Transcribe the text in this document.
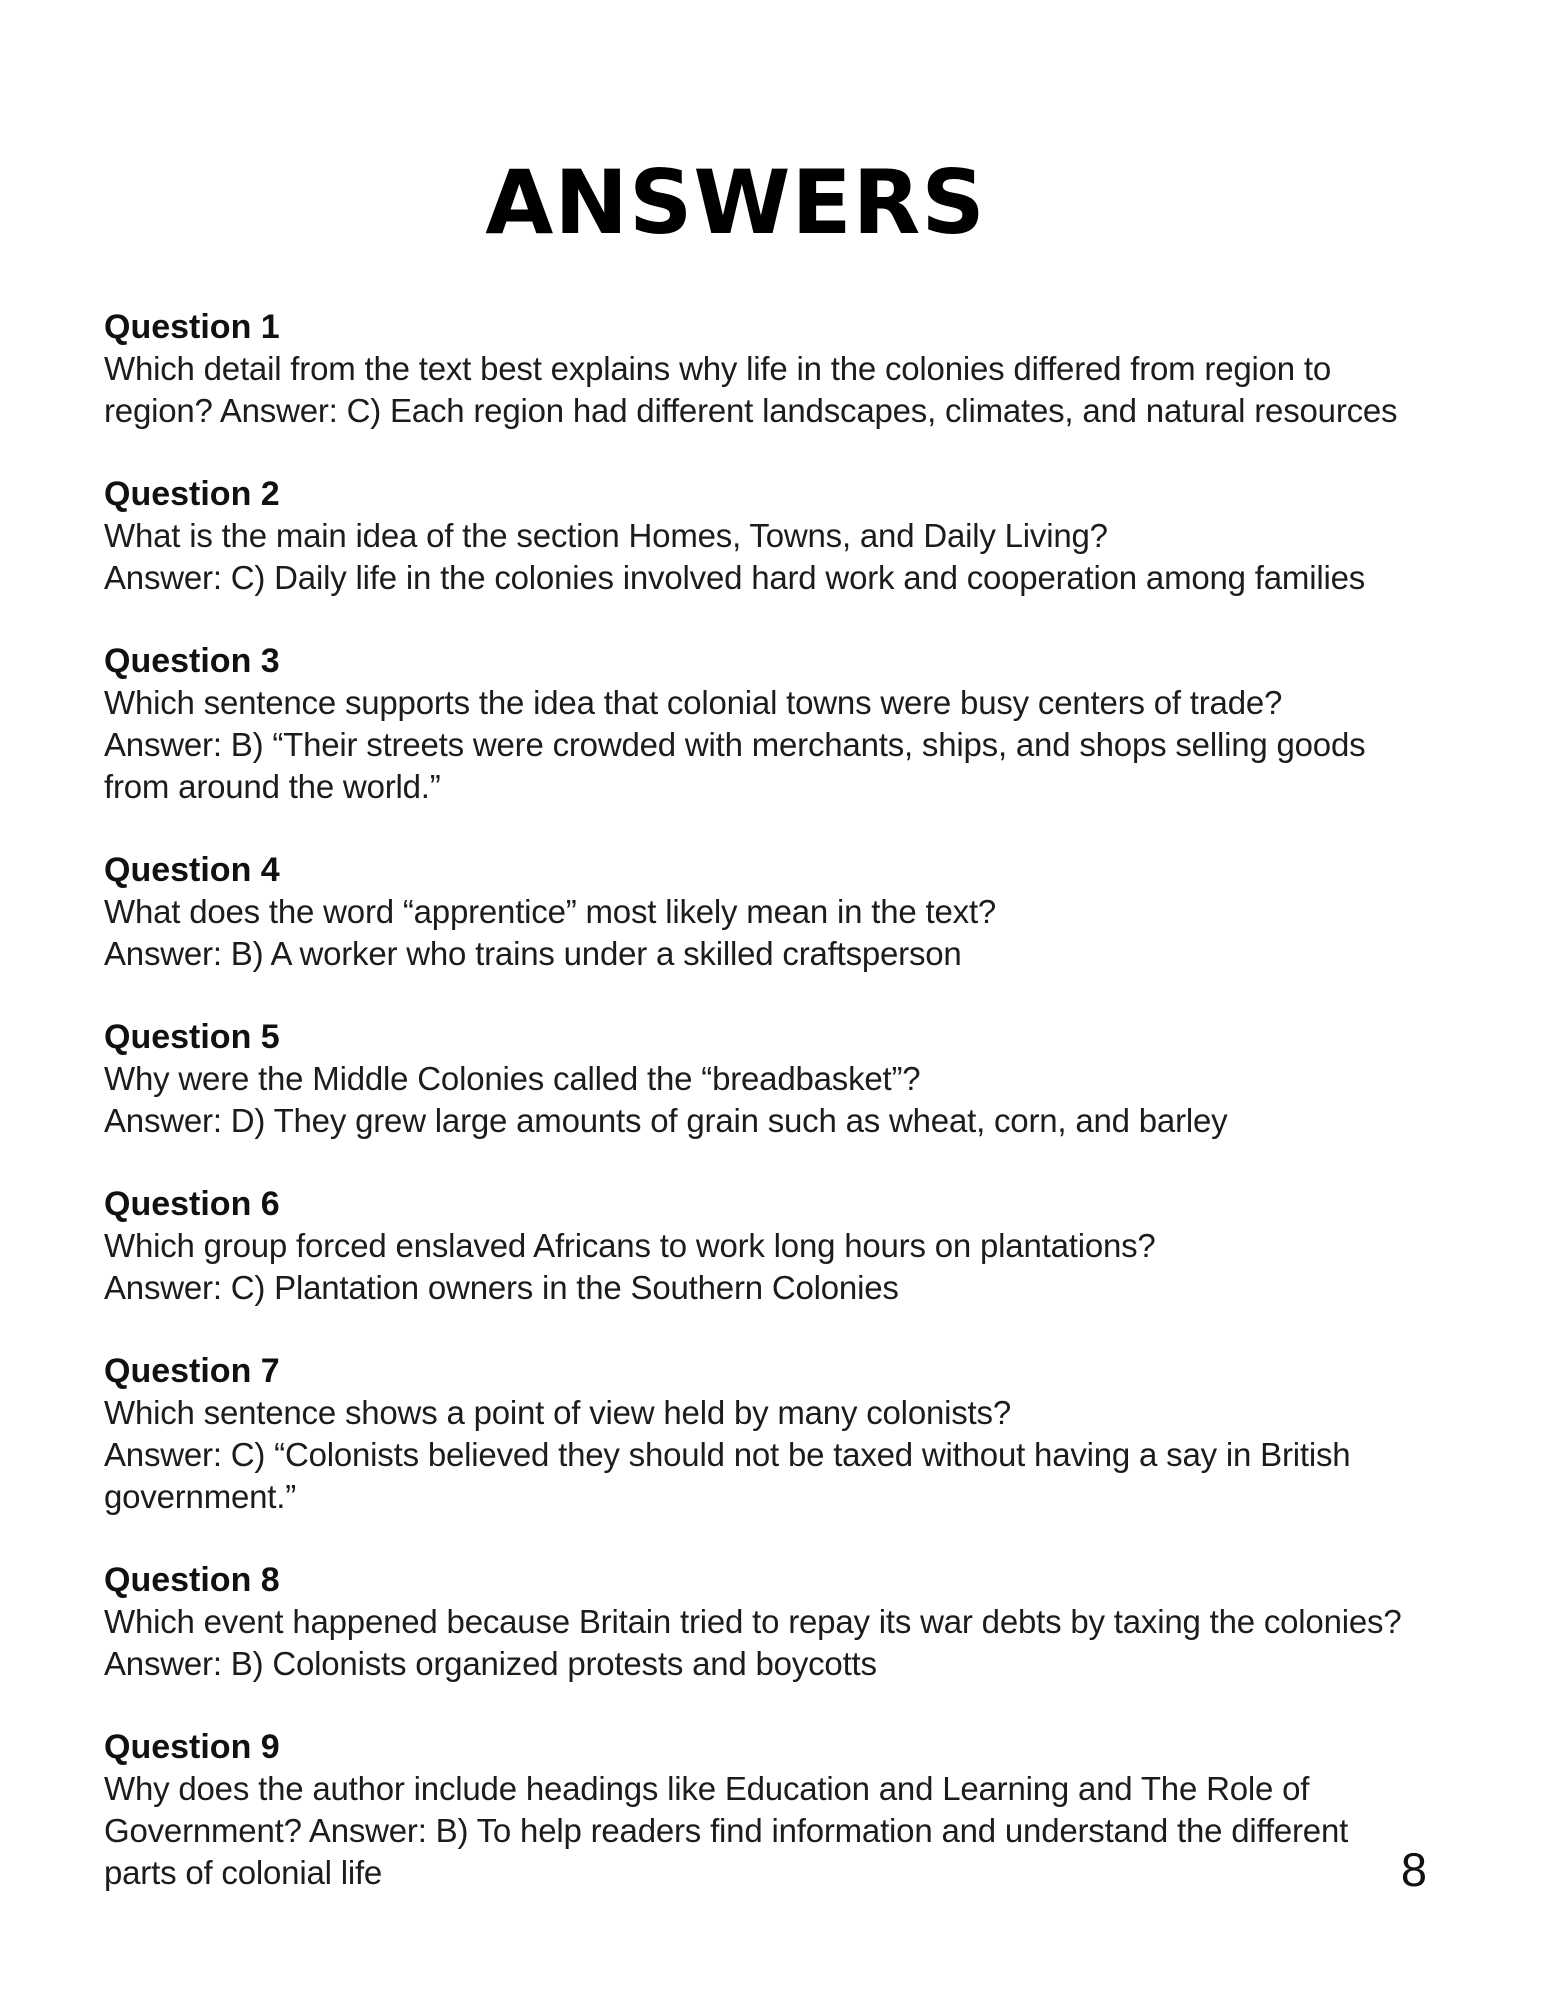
ANSWERS
Question 1
Which detail from the text best explains why life in the colonies differed from region to
region? Answer: C) Each region had different landscapes, climates, and natural resources
Question 2
What is the main idea of the section Homes, Towns, and Daily Living?
Answer: C) Daily life in the colonies involved hard work and cooperation among families
Question 3
Which sentence supports the idea that colonial towns were busy centers of trade?
Answer: B) “Their streets were crowded with merchants, ships, and shops selling goods
from around the world.”
Question 4
What does the word “apprentice” most likely mean in the text?
Answer: B) A worker who trains under a skilled craftsperson
Question 5
Why were the Middle Colonies called the “breadbasket”?
Answer: D) They grew large amounts of grain such as wheat, corn, and barley
Question 6
Which group forced enslaved Africans to work long hours on plantations?
Answer: C) Plantation owners in the Southern Colonies
Question 7
Which sentence shows a point of view held by many colonists?
Answer: C) “Colonists believed they should not be taxed without having a say in British
government.”
Question 8
Which event happened because Britain tried to repay its war debts by taxing the colonies?
Answer: B) Colonists organized protests and boycotts
Question 9
Why does the author include headings like Education and Learning and The Role of
Government? Answer: B) To help readers find information and understand the different
parts of colonial life	8
